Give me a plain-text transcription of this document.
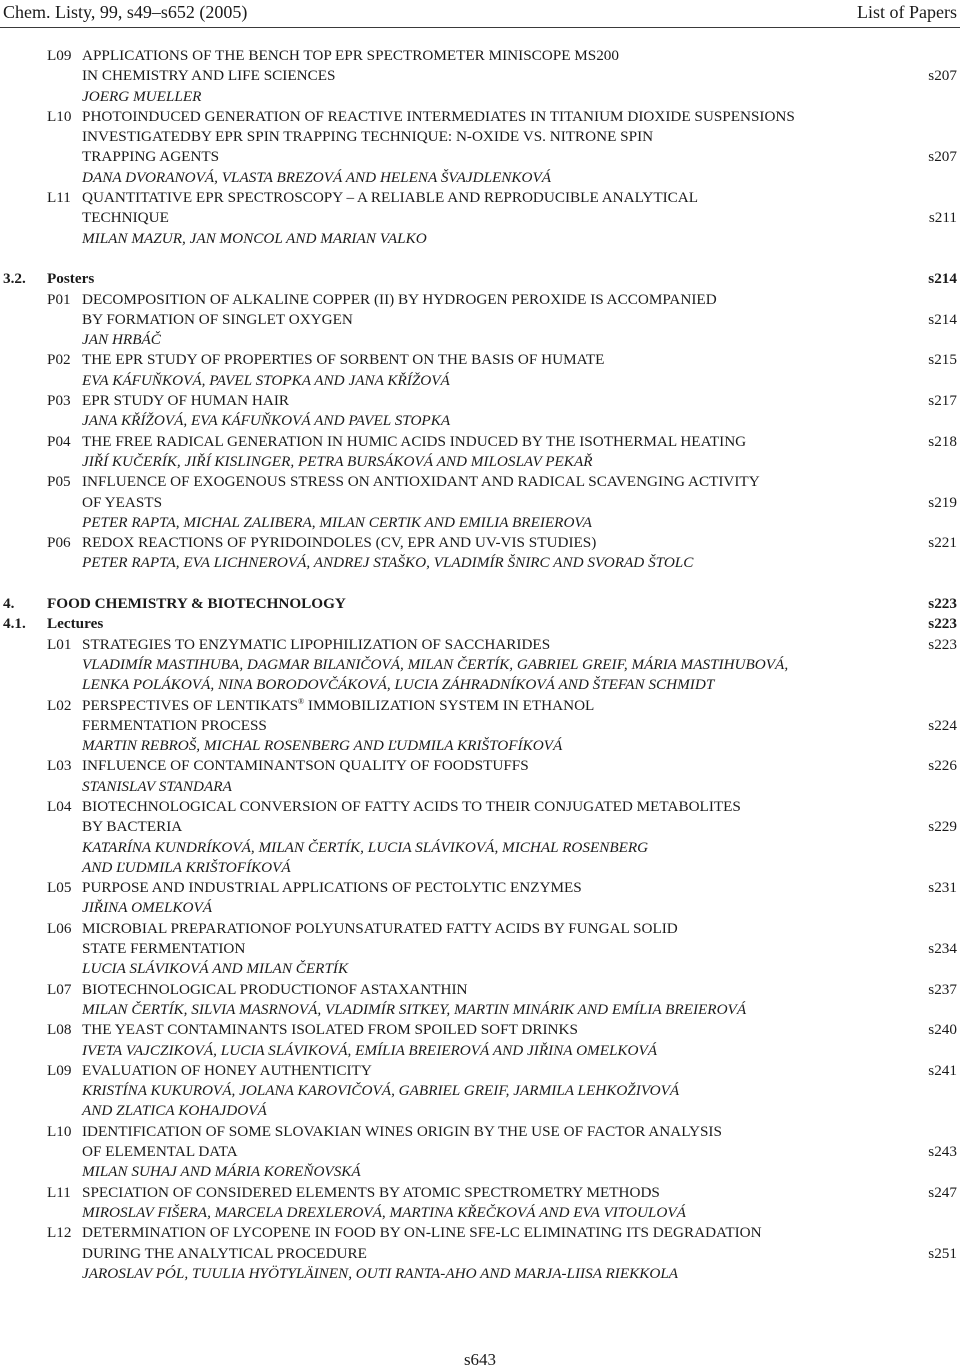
Chem. Listy, 99, s49–s652 (2005)	List of Papers
L09 APPLICATIONS OF THE BENCH TOP EPR SPECTROMETER MINISCOPE MS200
IN CHEMISTRY AND LIFE SCIENCES	s207
JOERG MUELLER
L10 PHOTOINDUCED GENERATION OF REACTIVE INTERMEDIATES IN TITANIUM DIOXIDE SUSPENSIONS
INVESTIGATEDBY EPR SPIN TRAPPING TECHNIQUE: N-OXIDE VS. NITRONE SPIN
TRAPPING AGENTS	s207
DANA DVORANOVÁ, VLASTA BREZOVÁ AND HELENA ŠVAJDLENKOVÁ
L11 QUANTITATIVE EPR SPECTROSCOPY – A RELIABLE AND REPRODUCIBLE ANALYTICAL
TECHNIQUE	s211
MILAN MAZUR, JAN MONCOL AND MARIAN VALKO
3.2. Posters	s214
P01 DECOMPOSITION OF ALKALINE COPPER (II) BY HYDROGEN PEROXIDE IS ACCOMPANIED
BY FORMATION OF SINGLET OXYGEN	s214
JAN HRBÁČ
P02 THE EPR STUDY OF PROPERTIES OF SORBENT ON THE BASIS OF HUMATE	s215
EVA KÁFUŇKOVÁ, PAVEL STOPKA AND JANA KŘÍŽOVÁ
P03 EPR STUDY OF HUMAN HAIR	s217
JANA KŘÍŽOVÁ, EVA KÁFUŇKOVÁ AND PAVEL STOPKA
P04 THE FREE RADICAL GENERATION IN HUMIC ACIDS INDUCED BY THE ISOTHERMAL HEATING	s218
JIŘÍ KUČERÍK, JIŘÍ KISLINGER, PETRA BURSÁKOVÁ AND MILOSLAV PEKAŘ
P05 INFLUENCE OF EXOGENOUS STRESS ON ANTIOXIDANT AND RADICAL SCAVENGING ACTIVITY
OF YEASTS	s219
PETER RAPTA, MICHAL ZALIBERA, MILAN CERTIK AND EMILIA BREIEROVA
P06 REDOX REACTIONS OF PYRIDOINDOLES (CV, EPR AND UV-VIS STUDIES)	s221
PETER RAPTA, EVA LICHNEROVÁ, ANDREJ STAŠKO, VLADIMÍR ŠNIRC AND SVORAD ŠTOLC
4. FOOD CHEMISTRY & BIOTECHNOLOGY	s223
4.1. Lectures	s223
L01 STRATEGIES TO ENZYMATIC LIPOPHILIZATION OF SACCHARIDES	s223
VLADIMÍR MASTIHUBA, DAGMAR BILANIČOVÁ, MILAN ČERTÍK, GABRIEL GREIF, MÁRIA MASTIHUBOVÁ,
LENKA POLÁKOVÁ, NINA BORODOVČÁKOVÁ, LUCIA ZÁHRADNÍKOVÁ AND ŠTEFAN SCHMIDT
L02 PERSPECTIVES OF LENTIKATS® IMMOBILIZATION SYSTEM IN ETHANOL
FERMENTATION PROCESS	s224
MARTIN REBROŠ, MICHAL ROSENBERG AND ĽUDMILA KRIŠTOFÍKOVÁ
L03 INFLUENCE OF CONTAMINANTSON QUALITY OF FOODSTUFFS	s226
STANISLAV STANDARA
L04 BIOTECHNOLOGICAL CONVERSION OF FATTY ACIDS TO THEIR CONJUGATED METABOLITES
BY BACTERIA	s229
KATARÍNA KUNDRÍKOVÁ, MILAN ČERTÍK, LUCIA SLÁVIKOVÁ, MICHAL ROSENBERG
AND ĽUDMILA KRIŠTOFÍKOVÁ
L05 PURPOSE AND INDUSTRIAL APPLICATIONS OF PECTOLYTIC ENZYMES	s231
JIŘINA OMELKOVÁ
L06 MICROBIAL PREPARATIONOF POLYUNSATURATED FATTY ACIDS BY FUNGAL SOLID
STATE FERMENTATION	s234
LUCIA SLÁVIKOVÁ AND MILAN ČERTÍK
L07 BIOTECHNOLOGICAL PRODUCTIONOF ASTAXANTHIN	s237
MILAN ČERTÍK, SILVIA MASRNOVÁ, VLADIMÍR SITKEY, MARTIN MINÁRIK AND EMÍLIA BREIEROVÁ
L08 THE YEAST CONTAMINANTS ISOLATED FROM SPOILED SOFT DRINKS	s240
IVETA VAJCZIKOVÁ, LUCIA SLÁVIKOVÁ, EMÍLIA BREIEROVÁ AND JIŘINA OMELKOVÁ
L09 EVALUATION OF HONEY AUTHENTICITY	s241
KRISTÍNA KUKUROVÁ, JOLANA KAROVIČOVÁ, GABRIEL GREIF, JARMILA LEHKOŽIVOVÁ
AND ZLATICA KOHAJDOVÁ
L10 IDENTIFICATION OF SOME SLOVAKIAN WINES ORIGIN BY THE USE OF FACTOR ANALYSIS
OF ELEMENTAL DATA	s243
MILAN SUHAJ AND MÁRIA KOREŇOVSKÁ
L11 SPECIATION OF CONSIDERED ELEMENTS BY ATOMIC SPECTROMETRY METHODS	s247
MIROSLAV FIŠERA, MARCELA DREXLEROVÁ, MARTINA KŘEČKOVÁ AND EVA VITOULOVÁ
L12 DETERMINATION OF LYCOPENE IN FOOD BY ON-LINE SFE-LC ELIMINATING ITS DEGRADATION
DURING THE ANALYTICAL PROCEDURE	s251
JAROSLAV PÓL, TUULIA HYÖTYLÄINEN, OUTI RANTA-AHO AND MARJA-LIISA RIEKKOLA
s643
